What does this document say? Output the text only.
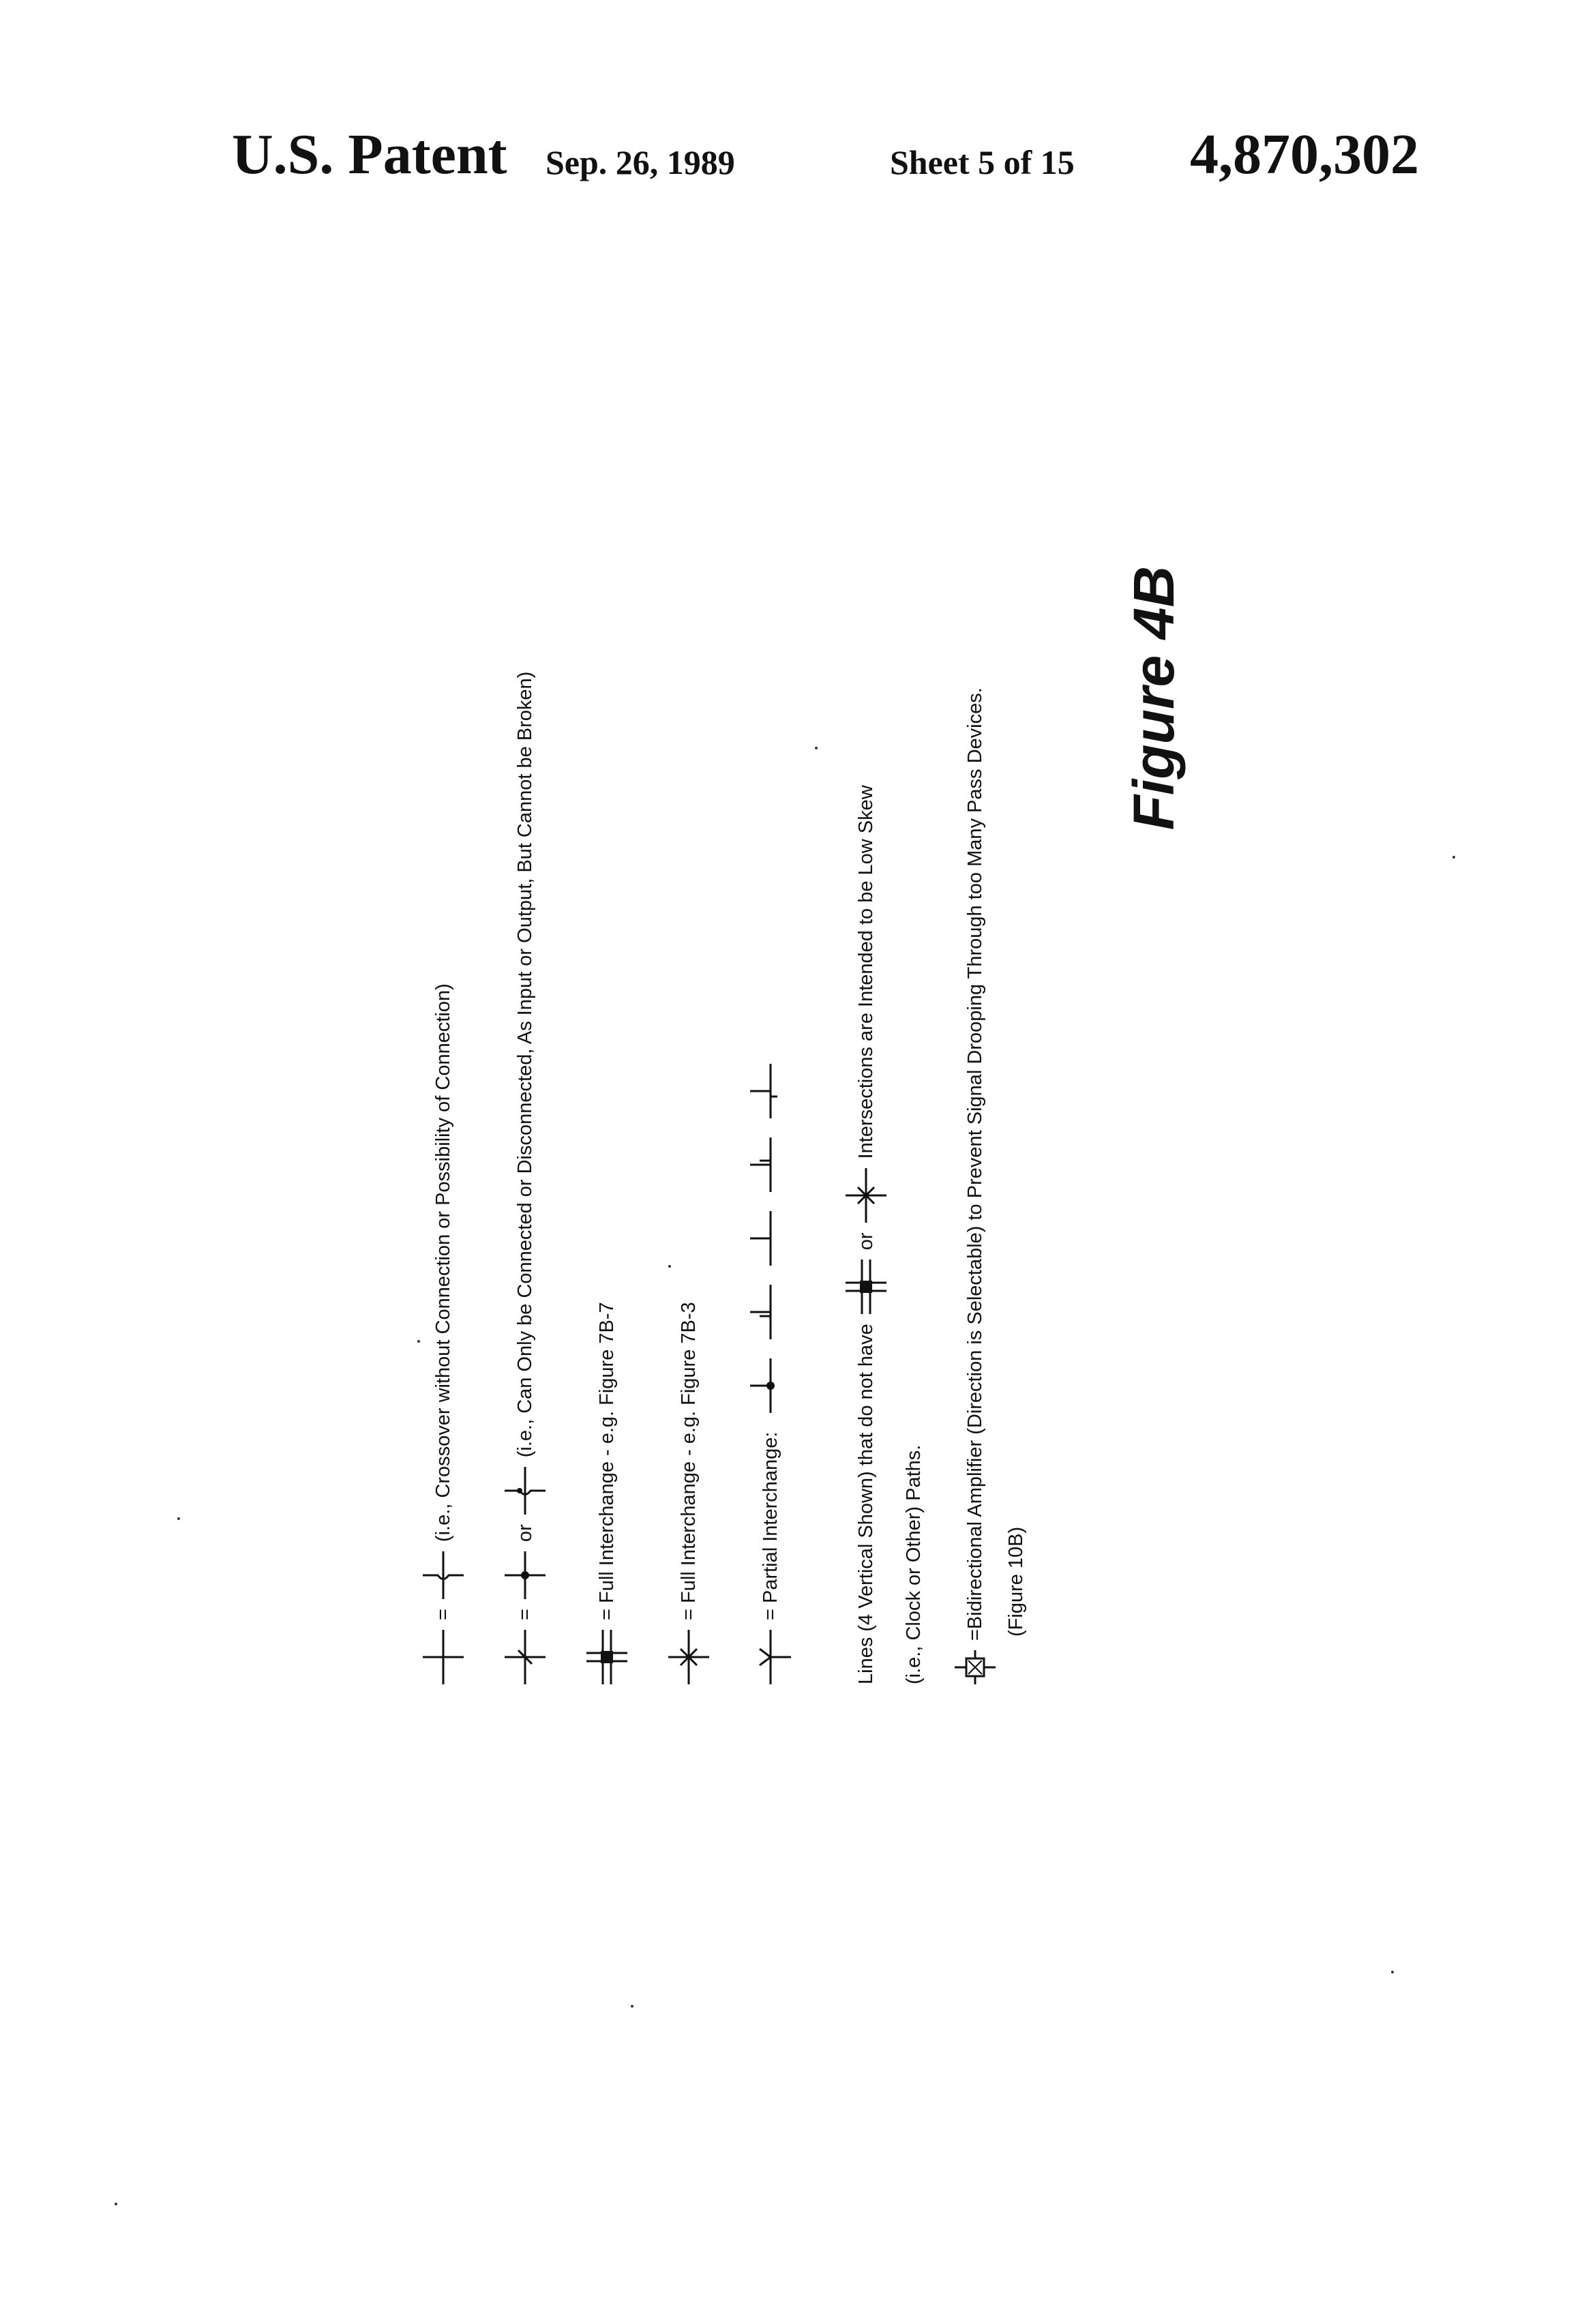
U.S. Patent Sep. 26, 1989	Sheet 5 of 15 4,870,302
=
(i.e., Crossover without Connection or Possibility of Connection)
=
or
(i.e., Can Only be Connected or Disconnected, As Input or Output, But Cannot be Broken)
= Full Interchange - e.g. Figure 7B-7	= Full Interchange - e.g. Figure 7B-3	= Partial Interchange:	Lines (4 Vertical Shown) that do not have
or
Intersections are Intended to be Low Skew
(i.e., Clock or Other) Paths. =Bidirectional Amplifier (Direction is Selectable) to Prevent Signal Drooping Through too Many Pass Devices. (Figure 10B)
Figure 4B
